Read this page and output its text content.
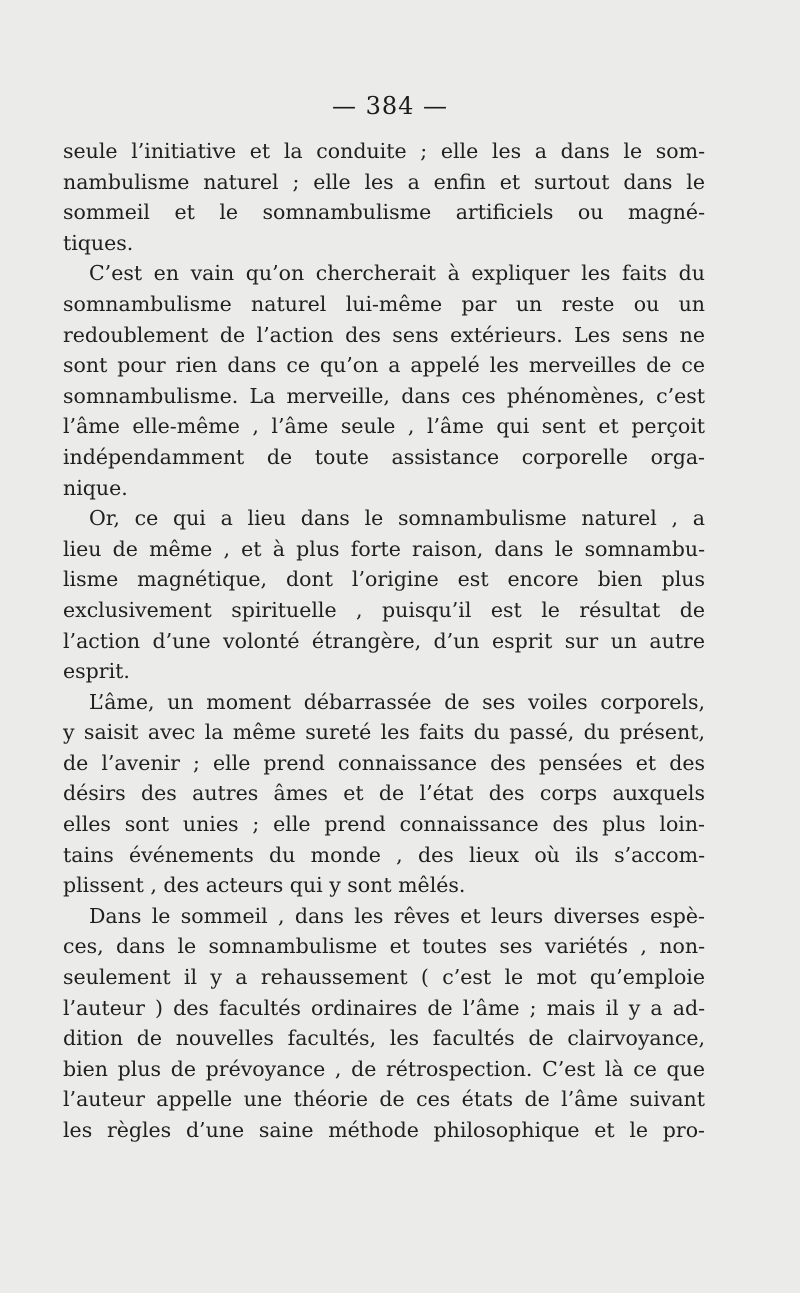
— 384 —
seule l’initiative et la conduite ; elle les a dans le som-
nambulisme naturel ; elle les a enfin et surtout dans le
sommeil et le somnambulisme artificiels ou magné-
tiques.
C’est en vain qu’on chercherait à expliquer les faits du
somnambulisme naturel lui-même par un reste ou un
redoublement de l’action des sens extérieurs. Les sens ne
sont pour rien dans ce qu’on a appelé les merveilles de ce
somnambulisme. La merveille, dans ces phénomènes, c’est
l’âme elle-même , l’âme seule , l’âme qui sent et perçoit
indépendamment de toute assistance corporelle orga-
nique.
Or, ce qui a lieu dans le somnambulisme naturel , a
lieu de même , et à plus forte raison, dans le somnambu-
lisme magnétique, dont l’origine est encore bien plus
exclusivement spirituelle , puisqu’il est le résultat de
l’action d’une volonté étrangère, d’un esprit sur un autre
esprit.
L’âme, un moment débarrassée de ses voiles corporels,
y saisit avec la même sureté les faits du passé, du présent,
de l’avenir ; elle prend connaissance des pensées et des
désirs des autres âmes et de l’état des corps auxquels
elles sont unies ; elle prend connaissance des plus loin-
tains événements du monde , des lieux où ils s’accom-
plissent , des acteurs qui y sont mêlés.
Dans le sommeil , dans les rêves et leurs diverses espè-
ces, dans le somnambulisme et toutes ses variétés , non-
seulement il y a rehaussement ( c’est le mot qu’emploie
l’auteur ) des facultés ordinaires de l’âme ; mais il y a ad-
dition de nouvelles facultés, les facultés de clairvoyance,
bien plus de prévoyance , de rétrospection. C’est là ce que
l’auteur appelle une théorie de ces états de l’âme suivant
les règles d’une saine méthode philosophique et le pro-
